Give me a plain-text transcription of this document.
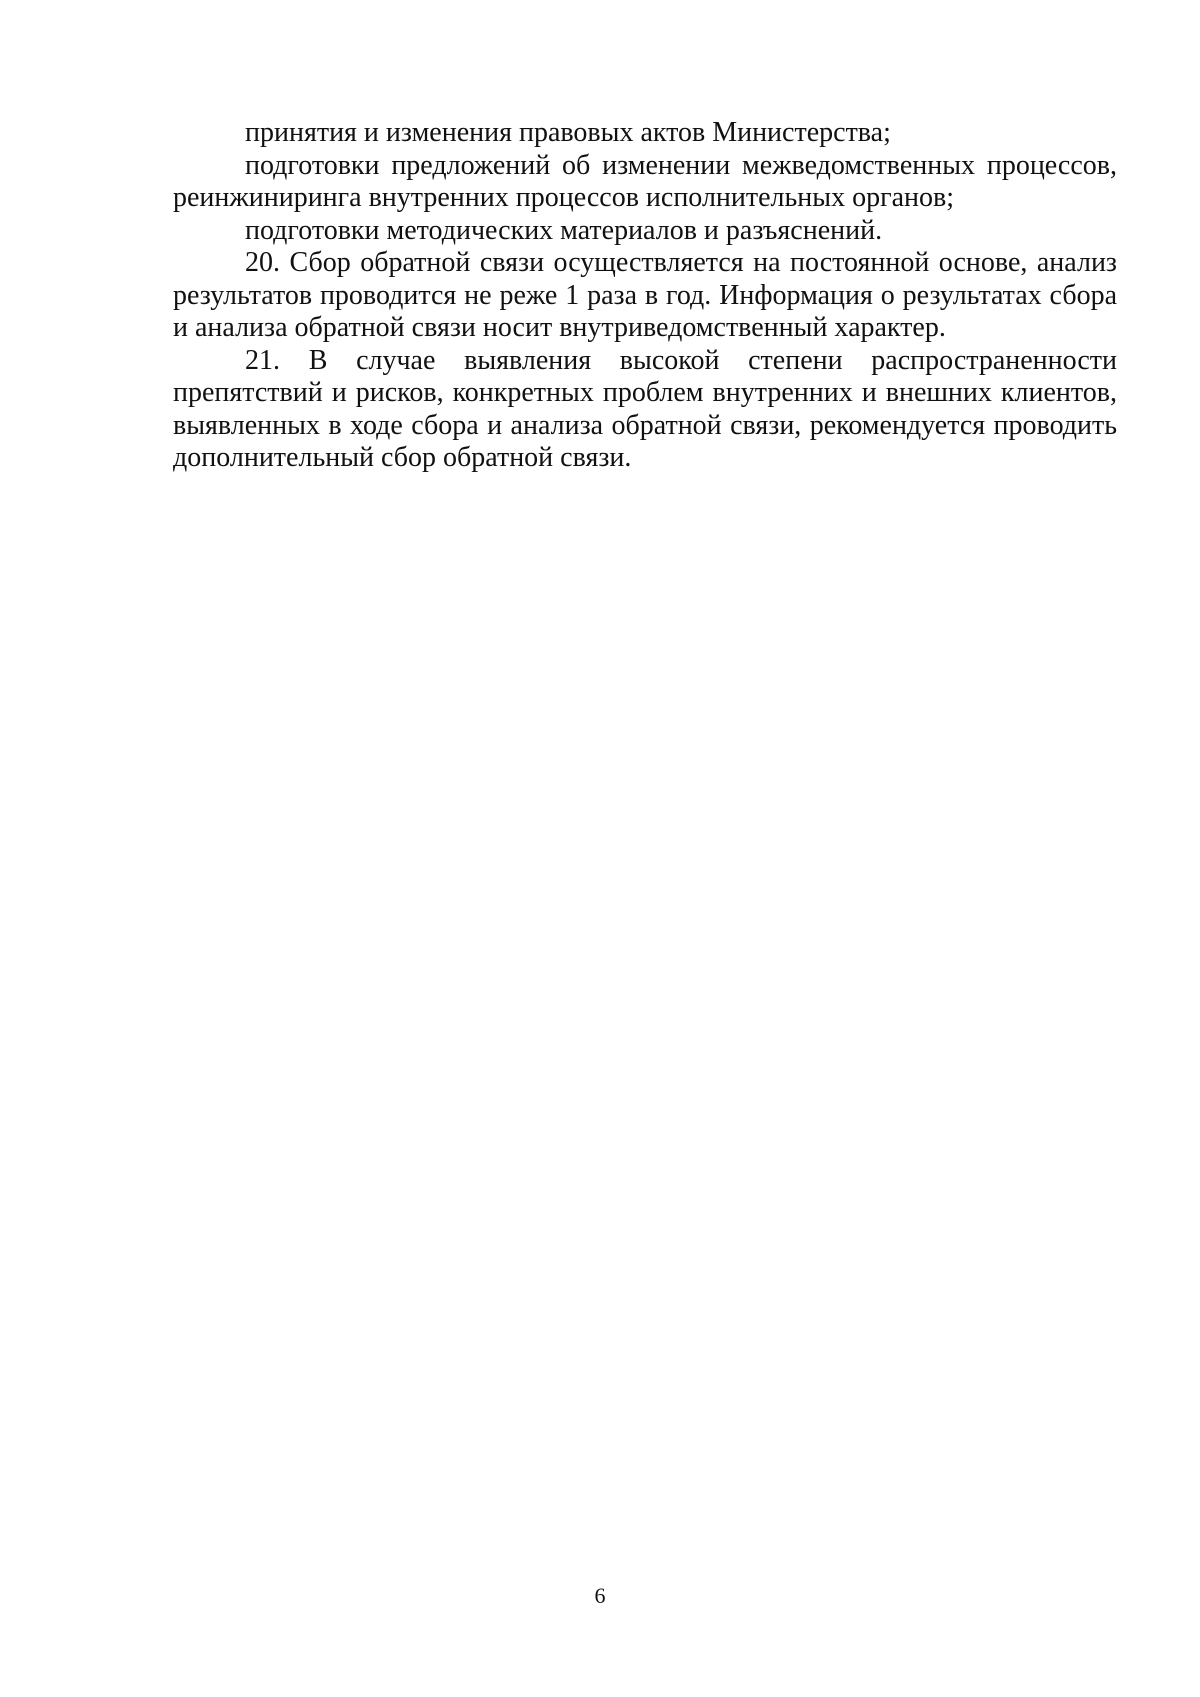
принятия и изменения правовых актов Министерства;

подготовки предложений об изменении межведомственных процессов, реинжиниринга внутренних процессов исполнительных органов;

подготовки методических материалов и разъяснений.

20. Сбор обратной связи осуществляется на постоянной основе, анализ результатов проводится не реже 1 раза в год. Информация о результатах сбора и анализа обратной связи носит внутриведомственный характер.

21. В случае выявления высокой степени распространенности препятствий и рисков, конкретных проблем внутренних и внешних клиентов, выявленных в ходе сбора и анализа обратной связи, рекомендуется проводить дополнительный сбор обратной связи.

6
